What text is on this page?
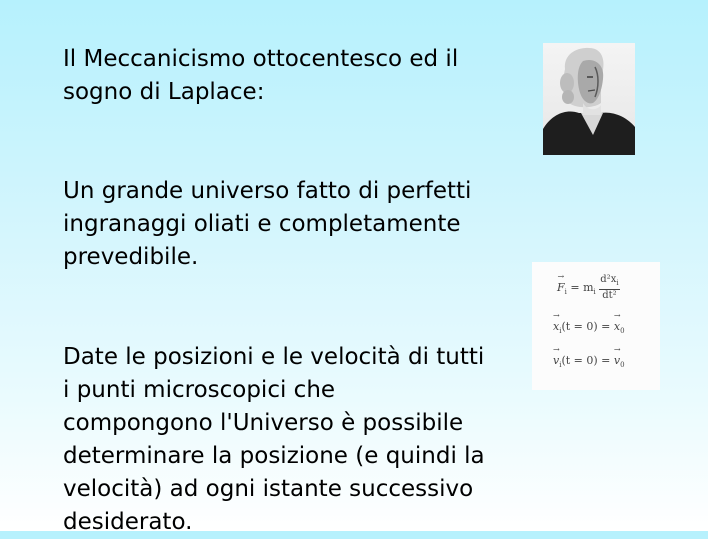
Il Meccanicismo ottocentesco ed il
sogno di Laplace:

Un grande universo fatto di perfetti
ingranaggi oliati e completamente
prevedibile.

Date le posizioni e le velocità di tutti
i punti microscopici che
compongono l'Universo è possibile
determinare la posizione (e quindi la
velocità) ad ogni istante successivo
desiderato.

→ $F_i = m_i \frac{d^2x_i}{\text{dt²}}$
→ $x_i(t = 0)$ = → $x_0$
→ $v_i(t = 0)$ = → $v_0$
